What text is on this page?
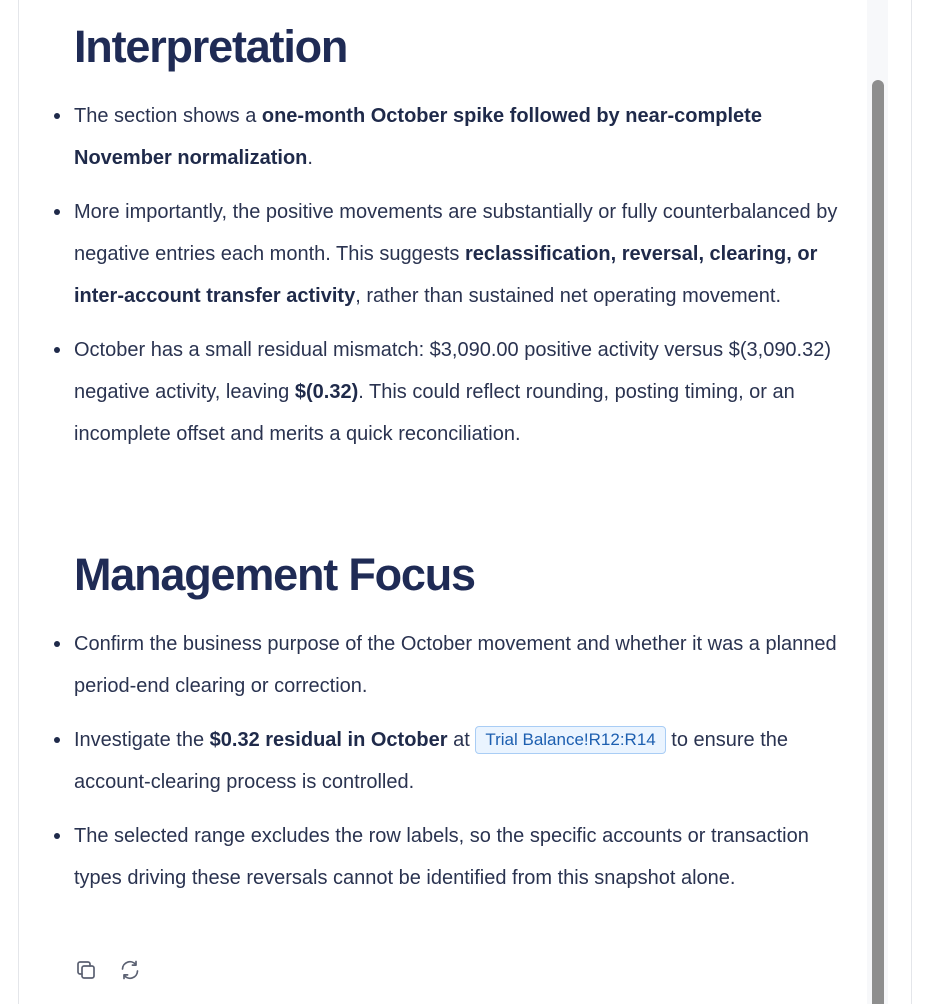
Interpretation
The section shows a one-month October spike followed by near-complete November normalization.
More importantly, the positive movements are substantially or fully counterbalanced by negative entries each month. This suggests reclassification, reversal, clearing, or inter-account transfer activity, rather than sustained net operating movement.
October has a small residual mismatch: $3,090.00 positive activity versus $(3,090.32) negative activity, leaving $(0.32). This could reflect rounding, posting timing, or an incomplete offset and merits a quick reconciliation.
Management Focus
Confirm the business purpose of the October movement and whether it was a planned period-end clearing or correction.
Investigate the $0.32 residual in October at Trial Balance!R12:R14 to ensure the account-clearing process is controlled.
The selected range excludes the row labels, so the specific accounts or transaction types driving these reversals cannot be identified from this snapshot alone.
